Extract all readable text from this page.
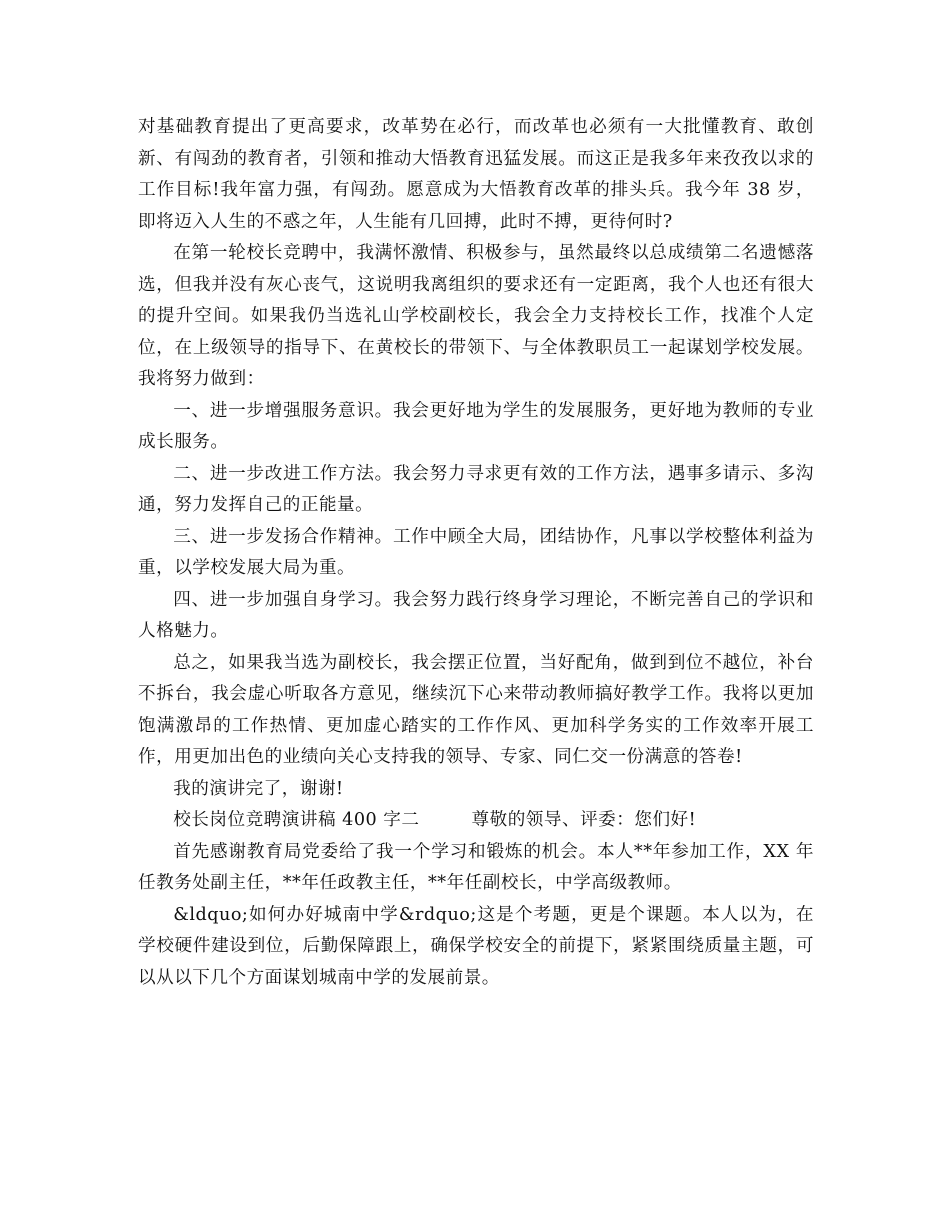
对基础教育提出了更高要求，改革势在必行，而改革也必须有一大批懂教育、敢创新、有闯劲的教育者，引领和推动大悟教育迅猛发展。而这正是我多年来孜孜以求的工作目标!我年富力强，有闯劲。愿意成为大悟教育改革的排头兵。我今年 38 岁，即将迈入人生的不惑之年，人生能有几回搏，此时不搏，更待何时?

在第一轮校长竞聘中，我满怀激情、积极参与，虽然最终以总成绩第二名遗憾落选，但我并没有灰心丧气，这说明我离组织的要求还有一定距离，我个人也还有很大的提升空间。如果我仍当选礼山学校副校长，我会全力支持校长工作，找准个人定位，在上级领导的指导下、在黄校长的带领下、与全体教职员工一起谋划学校发展。我将努力做到：

一、进一步增强服务意识。我会更好地为学生的发展服务，更好地为教师的专业成长服务。

二、进一步改进工作方法。我会努力寻求更有效的工作方法，遇事多请示、多沟通，努力发挥自己的正能量。

三、进一步发扬合作精神。工作中顾全大局，团结协作，凡事以学校整体利益为重，以学校发展大局为重。

四、进一步加强自身学习。我会努力践行终身学习理论，不断完善自己的学识和人格魅力。

总之，如果我当选为副校长，我会摆正位置，当好配角，做到到位不越位，补台不拆台，我会虚心听取各方意见，继续沉下心来带动教师搞好教学工作。我将以更加饱满激昂的工作热情、更加虚心踏实的工作作风、更加科学务实的工作效率开展工作，用更加出色的业绩向关心支持我的领导、专家、同仁交一份满意的答卷!

我的演讲完了，谢谢!

校长岗位竞聘演讲稿 400 字二	尊敬的领导、评委：您们好!

首先感谢教育局党委给了我一个学习和锻炼的机会。本人**年参加工作，XX 年任教务处副主任，**年任政教主任，**年任副校长，中学高级教师。

&ldquo;如何办好城南中学&rdquo;这是个考题，更是个课题。本人以为，在学校硬件建设到位，后勤保障跟上，确保学校安全的前提下，紧紧围绕质量主题，可以从以下几个方面谋划城南中学的发展前景。
